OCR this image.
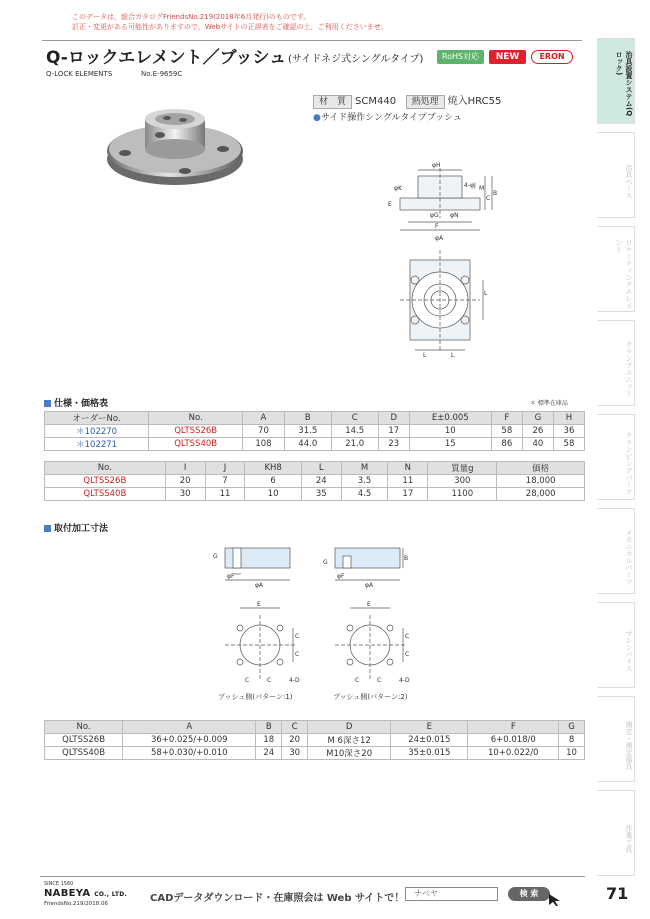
このデータは，総合カタログFriendsNo.219(2018年6月発行)のものです。
訂正・変更がある可能性がありますので，Webサイトの正誤表をご確認の上，ご利用くださいませ。
Q-ロックエレメント／ブッシュ (サイドネジ式シングルタイプ)	RoHS対応	NEW	ERON
Q-LOCK ELEMENTS	No.E-9659C
材　質 SCM440 熱処理 焼入HRC55
●サイド操作シングルタイプブッシュ
φH
F
φA
φK	4-φJ
φG φN
M
C
B
E
L	L
L
仕様・価格表	＊ 標準在庫品
オーダーNo.	No.	A	B	C	D	E±0.005	F	G	H
＊102270	QLTSS26B	70	31.5	14.5	17	10	58	26	36
＊102271	QLTSS40B	108	44.0	21.0	23	15	86	40	58
No.	I	J	KH8	L	M	N	質量g	価格
QLTSS26B	20	7	6	24	3.5	11	300	18,000
QLTSS40B	30	11	10	35	4.5	17	1100	28,000
取付加工寸法
G
φF
φA
E
C
C
C	C	4-D
ブッシュ側(パターン:1)
G
φF
φA
B
E
C
C
C	C	4-D
ブッシュ側(パターン:2)
No.	A	B	C	D	E	F	G
QLTSS26B	36+0.025/+0.009	18	20	M 6深さ12	24±0.015	6+0.018/0	8
QLTSS40B	58+0.030/+0.010	24	30	M10深さ20	35±0.015	10+0.022/0	10
治具設置システム(Qロック)
治具ベース
ロケーティングエレメント
クランプユニット
クランピングパーツ
メカニカルパーツ
マシンバイス
測定・測定器具
作業工具
SINCE 1560
NABEYA CO., LTD.
FriendsNo.219/2018.06	CADデータダウンロード・在庫照会は Web サイトで！	ナベヤ	検 索	71
